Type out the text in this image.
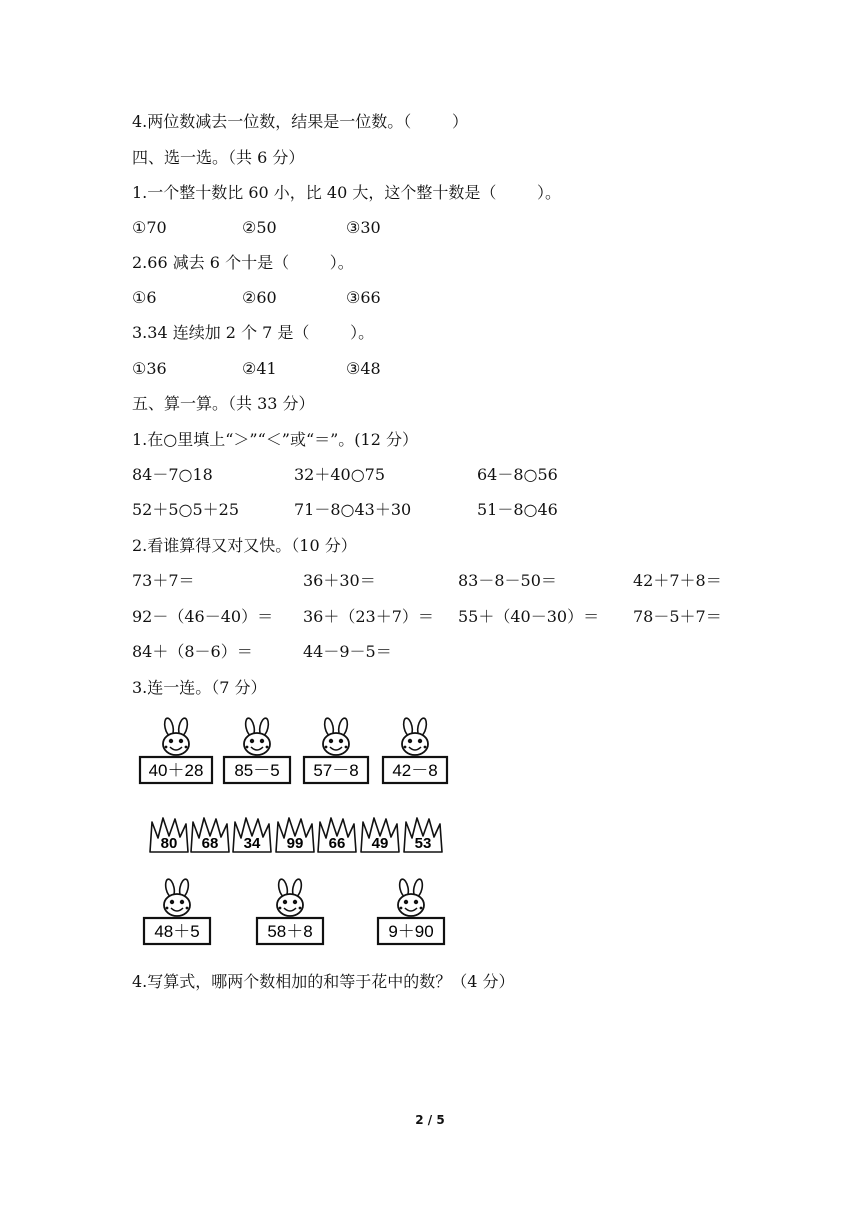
4.两位数减去一位数，结果是一位数。（        ）
四、选一选。（共 6 分）
1.一个整十数比 60 小，比 40 大，这个整十数是（        ）。
①70	②50	③30
2.66 减去 6 个十是（        ）。
①6	②60	③66
3.34 连续加 2 个 7 是（        ）。
①36	②41	③48
五、算一算。（共 33 分）
1.在○里填上“＞”“＜”或“＝”。(12 分）
84－7○18	32＋40○75	64－8○56
52＋5○5＋25	71－8○43＋30	51－8○46
2.看谁算得又对又快。（10 分）
73＋7＝	36＋30＝	83－8－50＝	42＋7＋8＝
92－（46－40）＝ 36＋（23＋7）＝ 55＋（40－30）＝ 78－5＋7＝
84＋（8－6）＝	44－9－5＝
3.连一连。（7 分）
40＋28 85－5 57－8 42－8
80 68 34 99 66 49 53
48＋5	58＋8	9＋90
4.写算式，哪两个数相加的和等于花中的数？（4 分）
2 / 5
